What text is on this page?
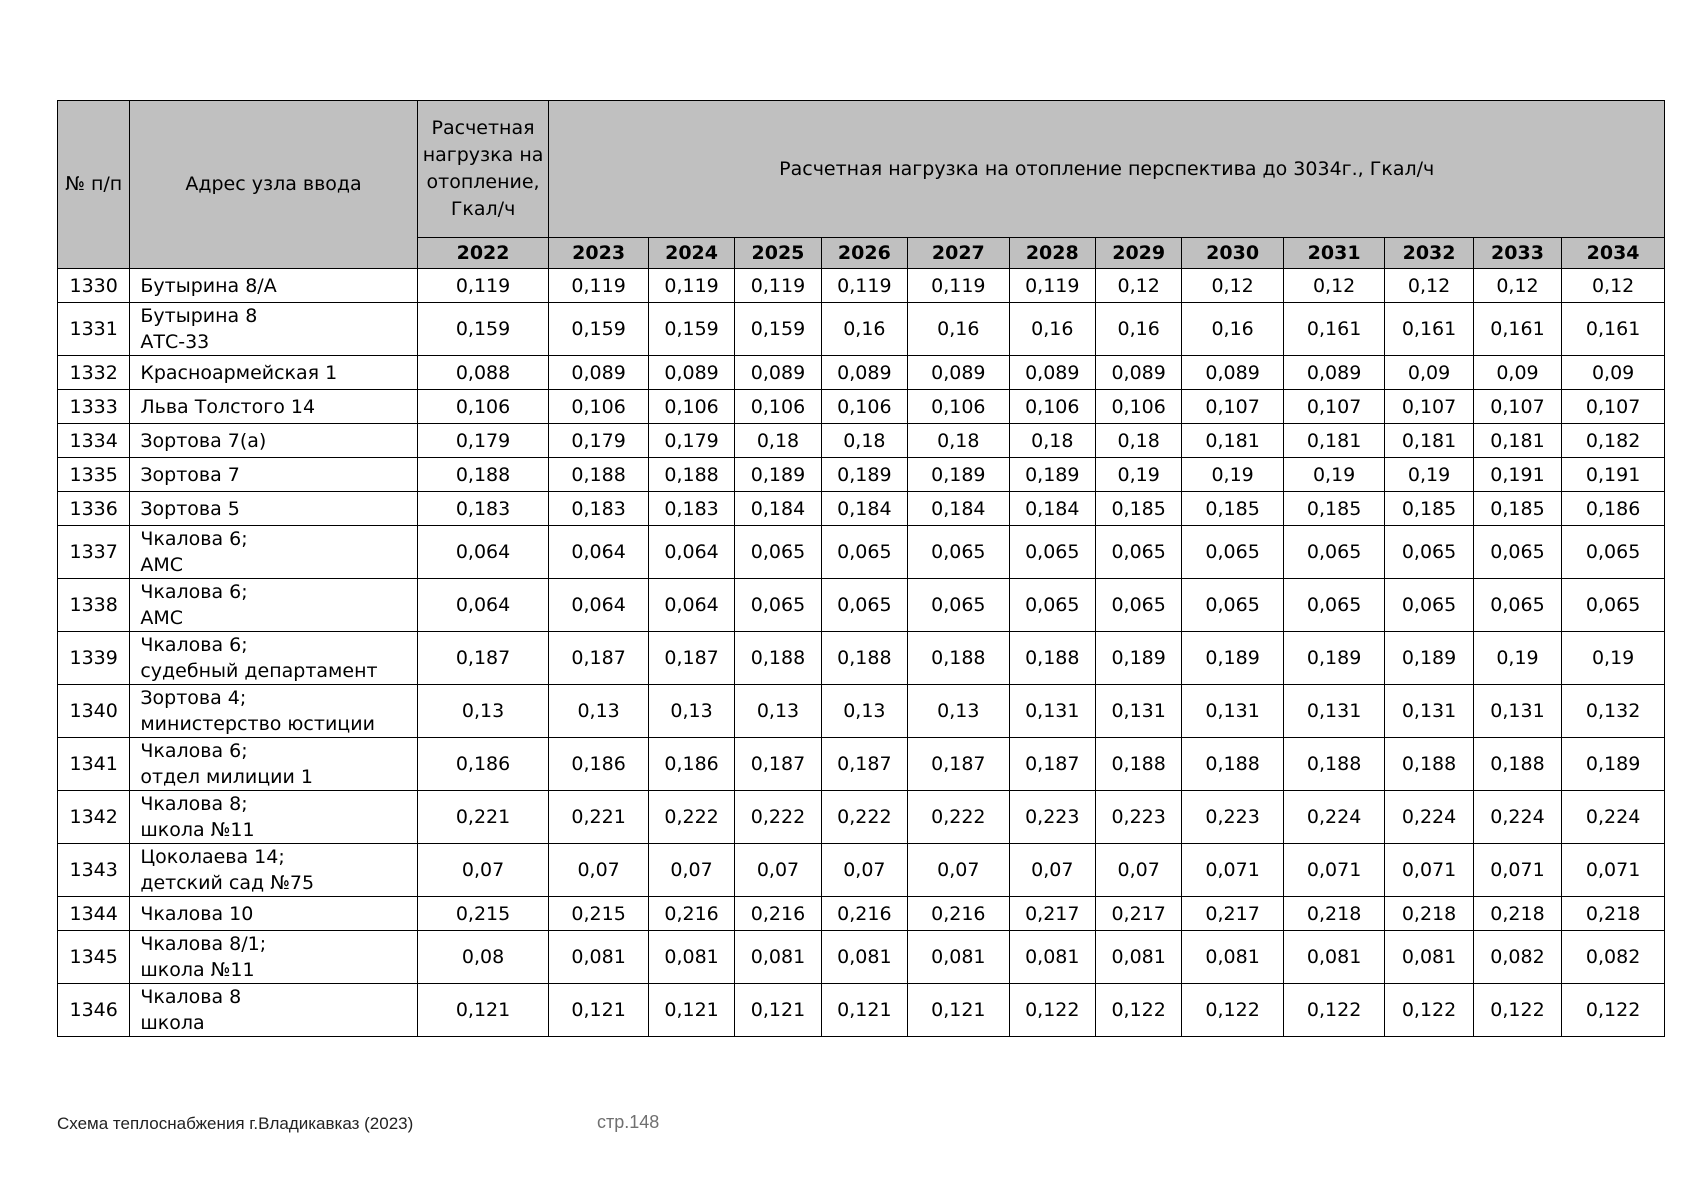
№ п/п	Адрес узла ввода	Расчетная нагрузка на отопление, Гкал/ч	Расчетная нагрузка на отопление перспектива до 3034г., Гкал/ч											
		2022	2023	2024	2025	2026	2027	2028	2029	2030	2031	2032	2033	2034
1330	Бутырина 8/А	0,119	0,119	0,119	0,119	0,119	0,119	0,119	0,12	0,12	0,12	0,12	0,12	0,12
1331	Бутырина 8
АТС-33	0,159	0,159	0,159	0,159	0,16	0,16	0,16	0,16	0,16	0,161	0,161	0,161	0,161
1332	Красноармейская 1	0,088	0,089	0,089	0,089	0,089	0,089	0,089	0,089	0,089	0,089	0,09	0,09	0,09
1333	Льва Толстого 14	0,106	0,106	0,106	0,106	0,106	0,106	0,106	0,106	0,107	0,107	0,107	0,107	0,107
1334	Зортова 7(а)	0,179	0,179	0,179	0,18	0,18	0,18	0,18	0,18	0,181	0,181	0,181	0,181	0,182
1335	Зортова 7	0,188	0,188	0,188	0,189	0,189	0,189	0,189	0,19	0,19	0,19	0,19	0,191	0,191
1336	Зортова 5	0,183	0,183	0,183	0,184	0,184	0,184	0,184	0,185	0,185	0,185	0,185	0,185	0,186
1337	Чкалова 6;
АМС	0,064	0,064	0,064	0,065	0,065	0,065	0,065	0,065	0,065	0,065	0,065	0,065	0,065
1338	Чкалова 6;
АМС	0,064	0,064	0,064	0,065	0,065	0,065	0,065	0,065	0,065	0,065	0,065	0,065	0,065
1339	Чкалова 6;
судебный департамент	0,187	0,187	0,187	0,188	0,188	0,188	0,188	0,189	0,189	0,189	0,189	0,19	0,19
1340	Зортова 4;
министерство юстиции	0,13	0,13	0,13	0,13	0,13	0,13	0,131	0,131	0,131	0,131	0,131	0,131	0,132
1341	Чкалова 6;
отдел милиции 1	0,186	0,186	0,186	0,187	0,187	0,187	0,187	0,188	0,188	0,188	0,188	0,188	0,189
1342	Чкалова 8;
школа №11	0,221	0,221	0,222	0,222	0,222	0,222	0,223	0,223	0,223	0,224	0,224	0,224	0,224
1343	Цоколаева 14;
детский сад №75	0,07	0,07	0,07	0,07	0,07	0,07	0,07	0,07	0,071	0,071	0,071	0,071	0,071
1344	Чкалова 10	0,215	0,215	0,216	0,216	0,216	0,216	0,217	0,217	0,217	0,218	0,218	0,218	0,218
1345	Чкалова 8/1;
школа №11	0,08	0,081	0,081	0,081	0,081	0,081	0,081	0,081	0,081	0,081	0,081	0,082	0,082
1346	Чкалова 8
школа	0,121	0,121	0,121	0,121	0,121	0,121	0,122	0,122	0,122	0,122	0,122	0,122	0,122
Схема теплоснабжения г.Владикавказ (2023)	стр.148
